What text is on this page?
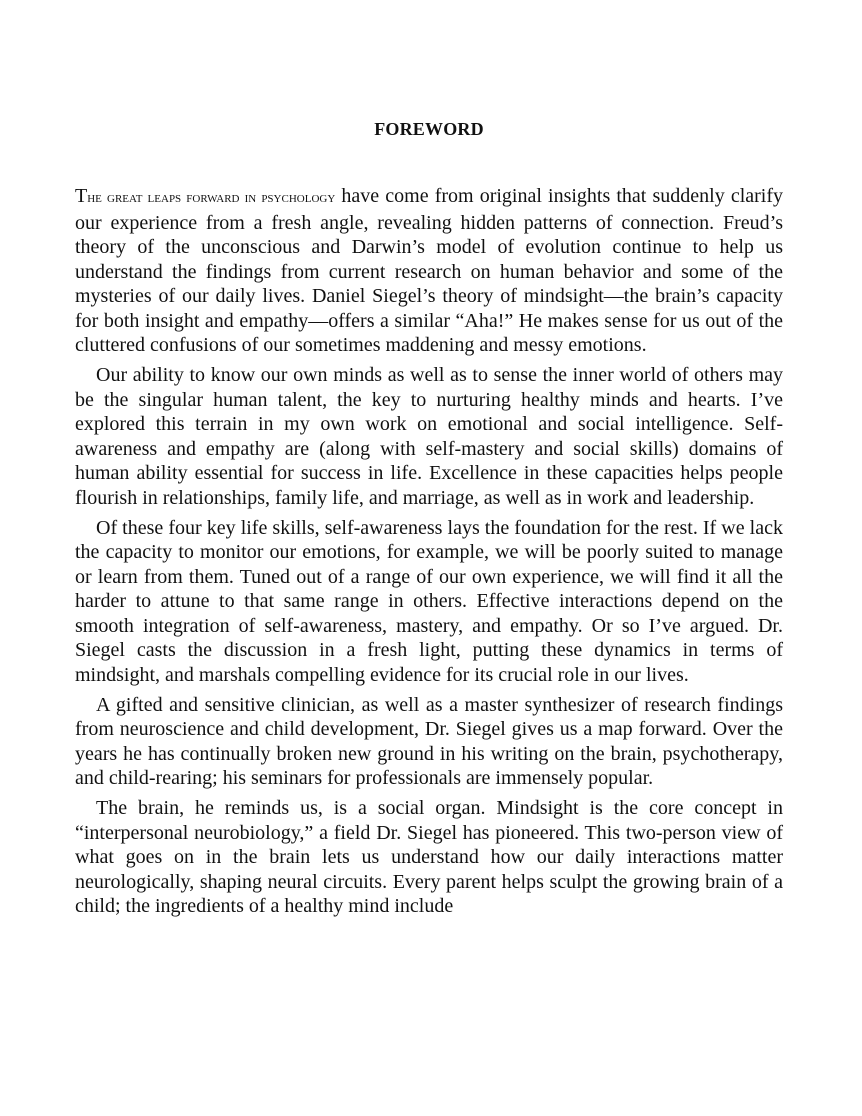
FOREWORD

The great leaps forward in psychology have come from original insights that suddenly clarify our experience from a fresh angle, revealing hidden patterns of connection. Freud’s theory of the unconscious and Darwin’s model of evolution continue to help us understand the findings from current research on human behavior and some of the mysteries of our daily lives. Daniel Siegel’s theory of mindsight—the brain’s capacity for both insight and empathy—offers a similar “Aha!” He makes sense for us out of the cluttered confusions of our sometimes maddening and messy emotions.

Our ability to know our own minds as well as to sense the inner world of others may be the singular human talent, the key to nurturing healthy minds and hearts. I’ve explored this terrain in my own work on emotional and social intelligence. Self-awareness and empathy are (along with self-mastery and social skills) domains of human ability essential for success in life. Excellence in these capacities helps people flourish in relationships, family life, and marriage, as well as in work and leadership.

Of these four key life skills, self-awareness lays the foundation for the rest. If we lack the capacity to monitor our emotions, for example, we will be poorly suited to manage or learn from them. Tuned out of a range of our own experience, we will find it all the harder to attune to that same range in others. Effective interactions depend on the smooth integration of self-awareness, mastery, and empathy. Or so I’ve argued. Dr. Siegel casts the discussion in a fresh light, putting these dynamics in terms of mindsight, and marshals compelling evidence for its crucial role in our lives.

A gifted and sensitive clinician, as well as a master synthesizer of research findings from neuroscience and child development, Dr. Siegel gives us a map forward. Over the years he has continually broken new ground in his writing on the brain, psychotherapy, and child-rearing; his seminars for professionals are immensely popular.

The brain, he reminds us, is a social organ. Mindsight is the core concept in “interpersonal neurobiology,” a field Dr. Siegel has pioneered. This two-person view of what goes on in the brain lets us understand how our daily interactions matter neurologically, shaping neural circuits. Every parent helps sculpt the growing brain of a child; the ingredients of a healthy mind include
